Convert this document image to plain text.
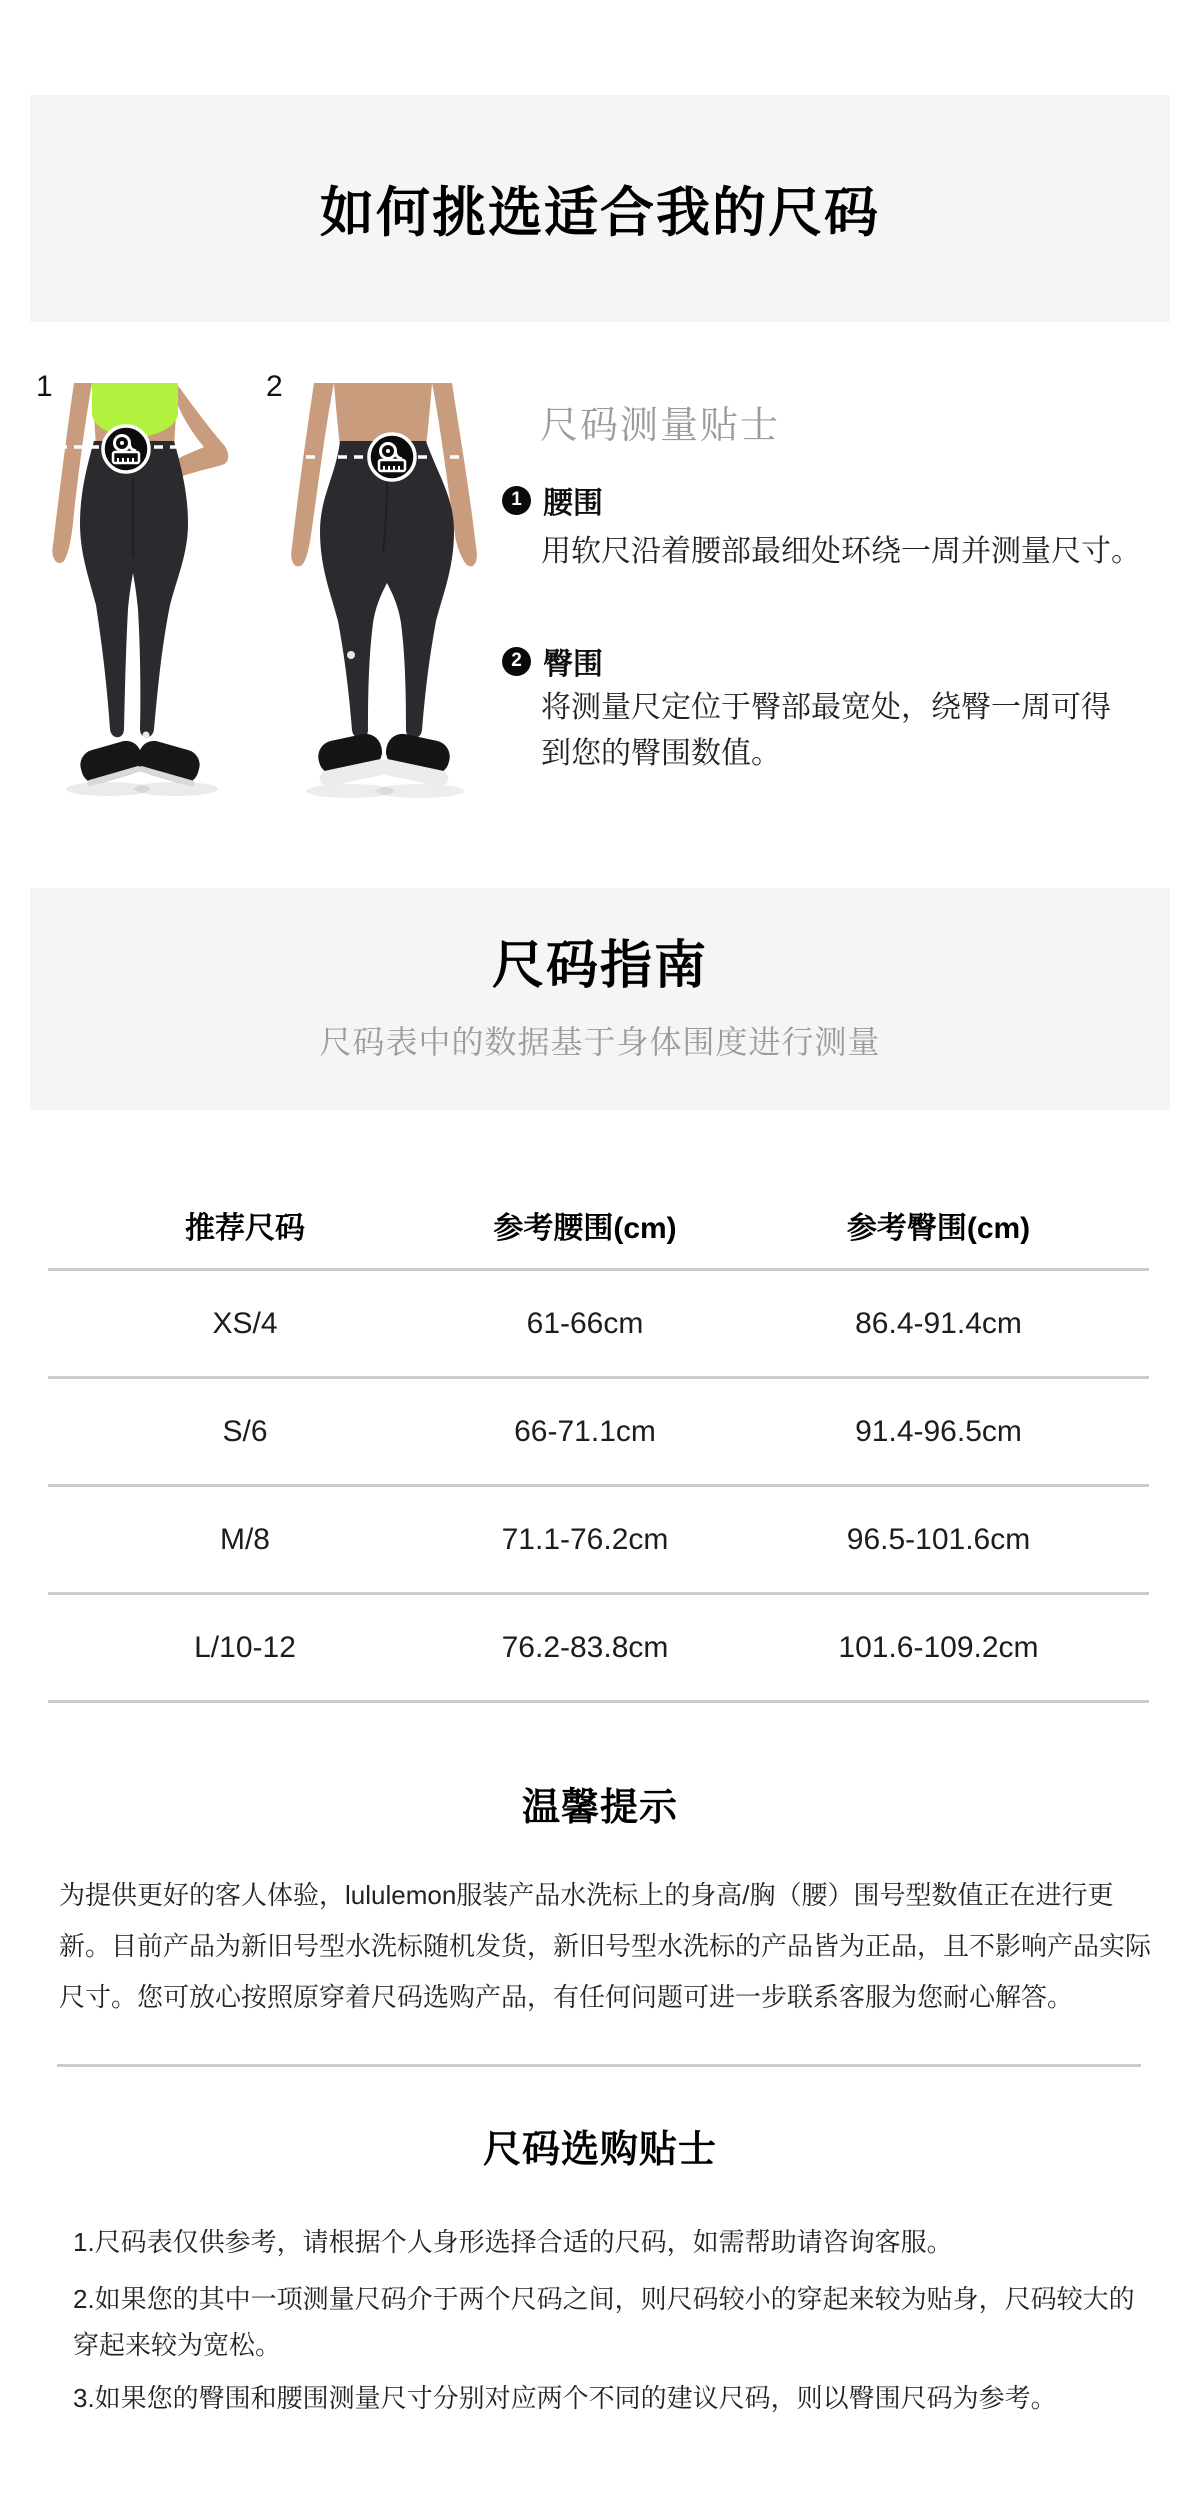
如何挑选适合我的尺码
1	2
尺码测量贴士
1 腰围
用软尺沿着腰部最细处环绕一周并测量尺寸。
2 臀围
将测量尺定位于臀部最宽处，绕臀一周可得
到您的臀围数值。
尺码指南
尺码表中的数据基于身体围度进行测量
推荐尺码	参考腰围(cm)	参考臀围(cm)
XS/4	61-66cm	86.4-91.4cm
S/6	66-71.1cm	91.4-96.5cm
M/8	71.1-76.2cm	96.5-101.6cm
L/10-12	76.2-83.8cm	101.6-109.2cm
温馨提示
为提供更好的客人体验，lululemon服装产品水洗标上的身高/胸（腰）围号型数值正在进行更
新。目前产品为新旧号型水洗标随机发货，新旧号型水洗标的产品皆为正品，且不影响产品实际
尺寸。您可放心按照原穿着尺码选购产品，有任何问题可进一步联系客服为您耐心解答。
尺码选购贴士
1.尺码表仅供参考，请根据个人身形选择合适的尺码，如需帮助请咨询客服。
2.如果您的其中一项测量尺码介于两个尺码之间，则尺码较小的穿起来较为贴身，尺码较大的
穿起来较为宽松。
3.如果您的臀围和腰围测量尺寸分别对应两个不同的建议尺码，则以臀围尺码为参考。
